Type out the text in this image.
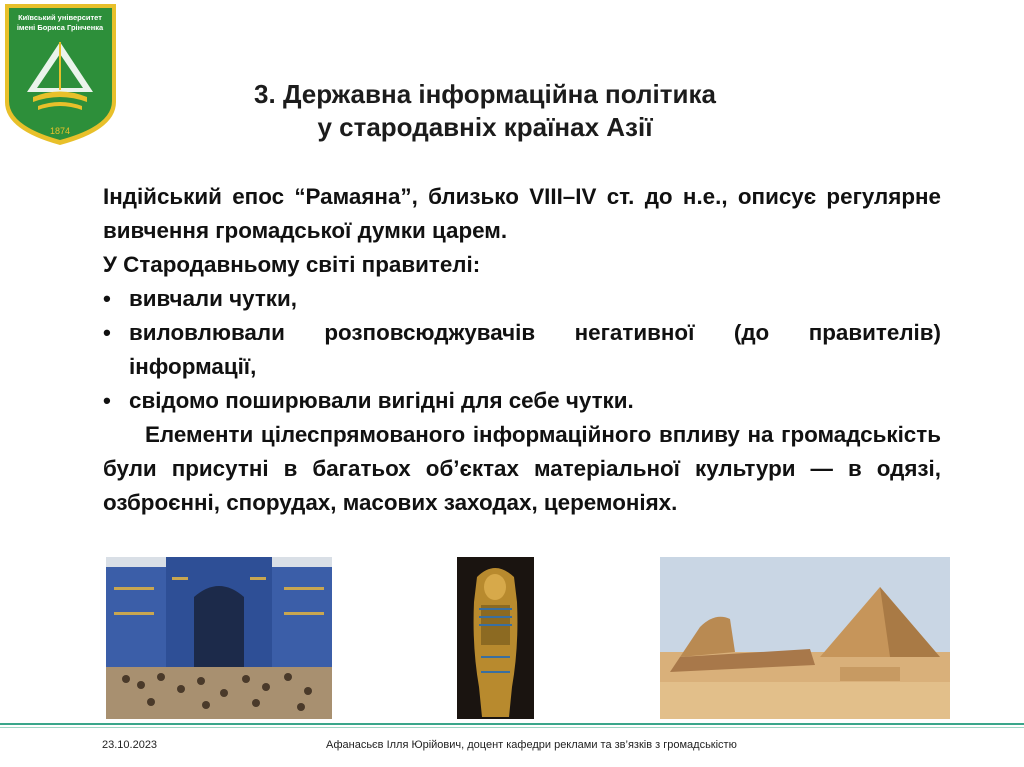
Київський університет
імені Бориса Грінченка
1874
3. Державна інформаційна політика
у стародавніх країнах Азії

Індійський епос “Рамаяна”, близько VIII–IV ст. до н.е., описує регулярне вивчення громадської думки царем.

У Стародавньому світі правителі:

• вивчали чутки,
• виловлювали розповсюджувачів негативної (до правителів) інформації,
• свідомо поширювали вигідні для себе чутки.

Елементи цілеспрямованого інформаційного впливу на громадськість були присутні в багатьох об’єктах матеріальної культури — в одязі, озброєнні, спорудах, масових заходах, церемоніях.

23.10.2023	Афанасьєв Ілля Юрійович, доцент кафедри реклами та зв’язків з громадськістю
